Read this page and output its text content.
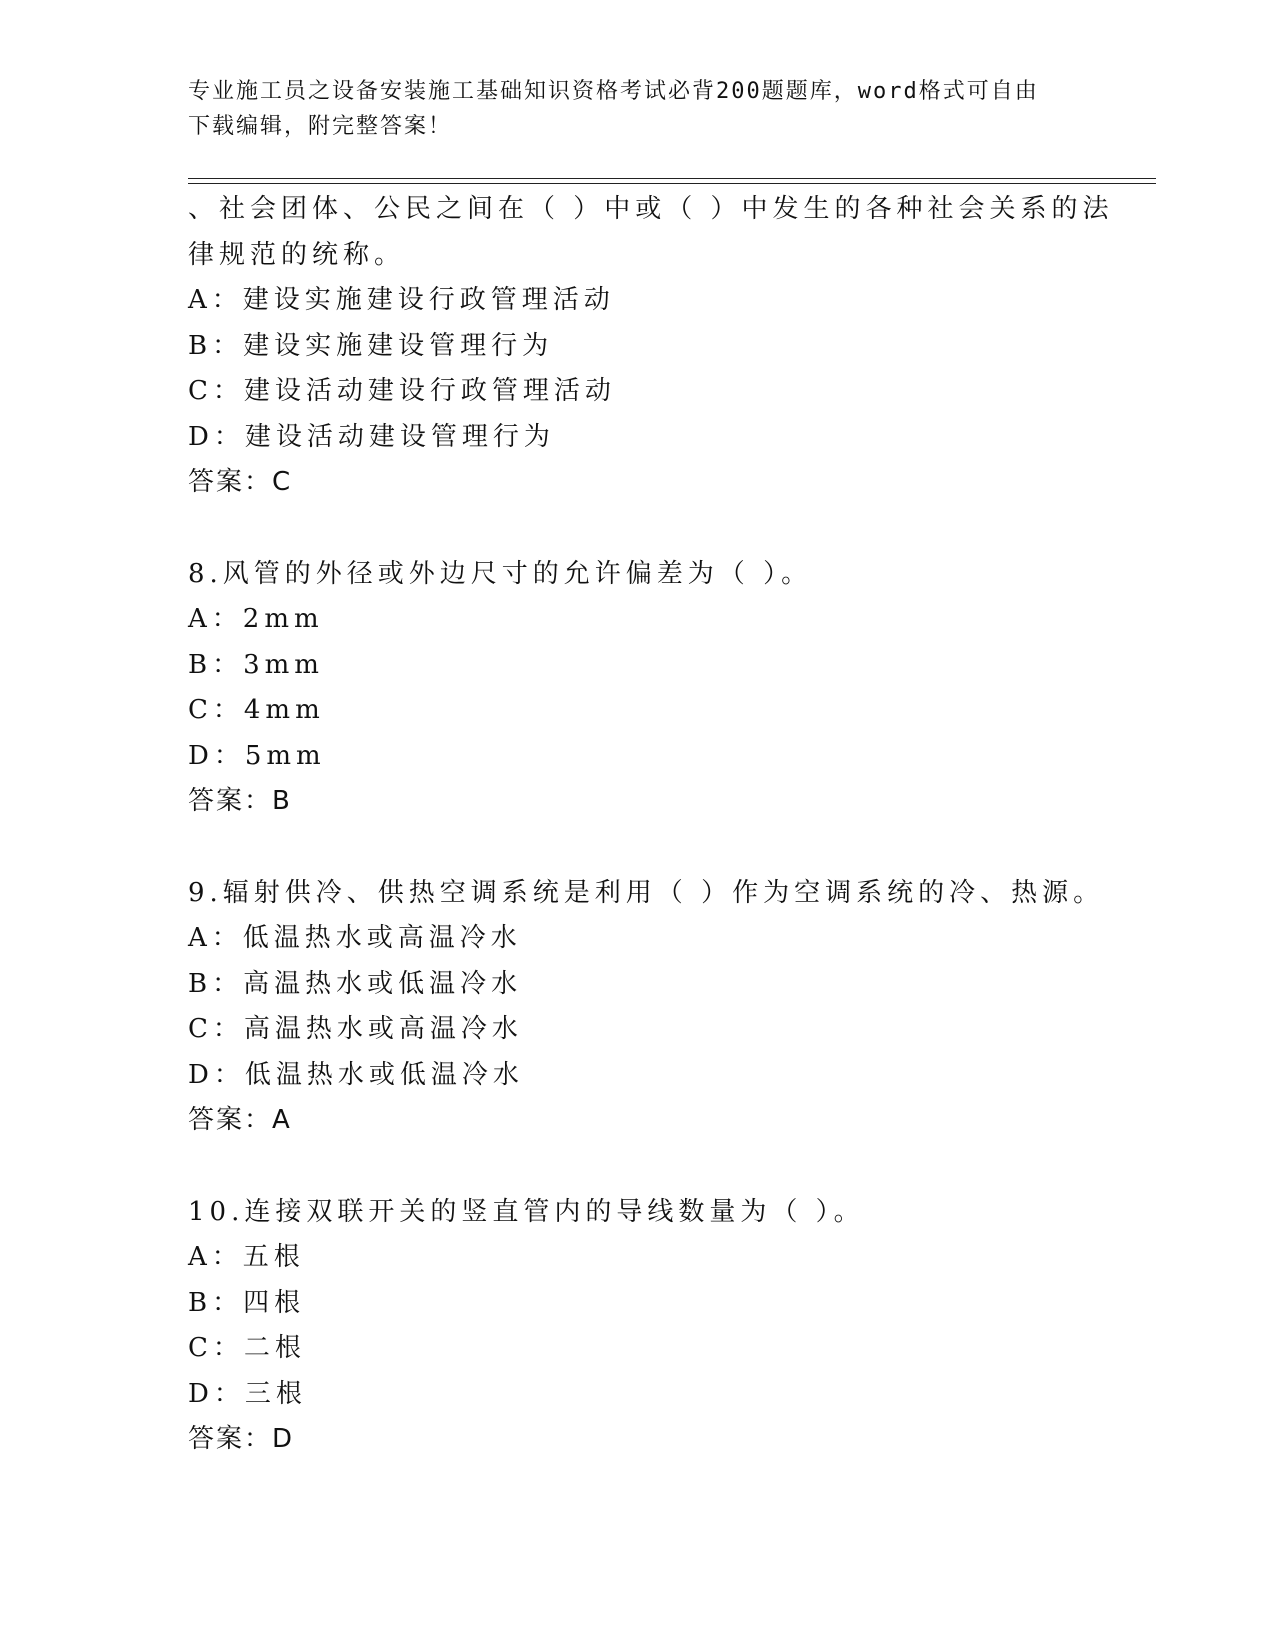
专业施工员之设备安装施工基础知识资格考试必背200题题库，word格式可自由
下载编辑，附完整答案！
、社会团体、公民之间在（ ）中或（ ）中发生的各种社会关系的法
律规范的统称。
A：建设实施建设行政管理活动
B：建设实施建设管理行为
C：建设活动建设行政管理活动
D：建设活动建设管理行为
答案：C
8.风管的外径或外边尺寸的允许偏差为（ ）。
A：2mm
B：3mm
C：4mm
D：5mm
答案：B
9.辐射供冷、供热空调系统是利用（ ）作为空调系统的冷、热源。
A：低温热水或高温冷水
B：高温热水或低温冷水
C：高温热水或高温冷水
D：低温热水或低温冷水
答案：A
10.连接双联开关的竖直管内的导线数量为（ ）。
A：五根
B：四根
C：二根
D：三根
答案：D
